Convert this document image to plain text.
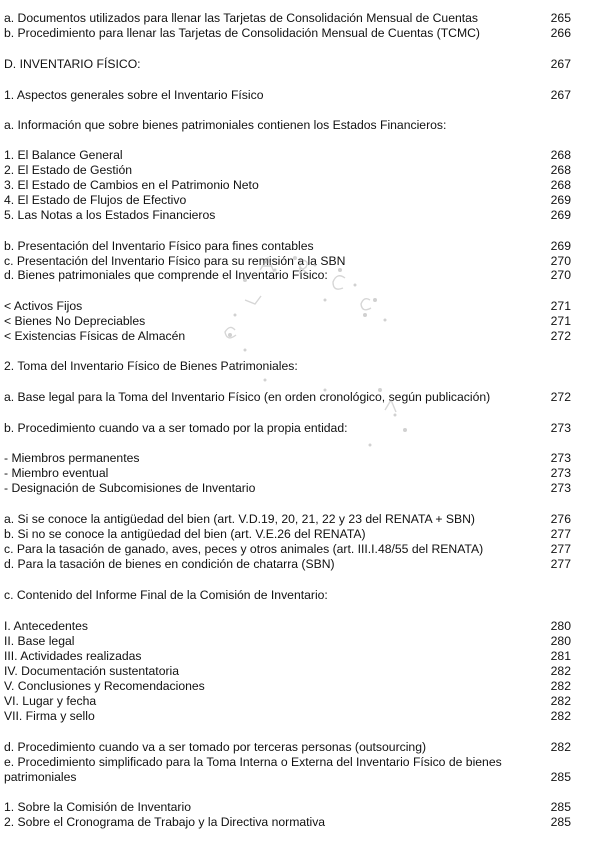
a. Documentos utilizados para llenar las Tarjetas de Consolidación Mensual de Cuentas	265
b. Procedimiento para llenar las Tarjetas de Consolidación Mensual de Cuentas (TCMC)	266
D. INVENTARIO FÍSICO:	267
1. Aspectos generales sobre el Inventario Físico	267
a. Información que sobre bienes patrimoniales contienen los Estados Financieros:
1. El Balance General	268
2. El Estado de Gestión	268
3. El Estado de Cambios en el Patrimonio Neto	268
4. El Estado de Flujos de Efectivo	269
5. Las Notas a los Estados Financieros	269
b. Presentación del Inventario Físico para fines contables	269
c. Presentación del Inventario Físico para su remisión a la SBN	270
d. Bienes patrimoniales que comprende el Inventario Físico:	270
< Activos Fijos	271
< Bienes No Depreciables	271
< Existencias Físicas de Almacén	272
2. Toma del Inventario Físico de Bienes Patrimoniales:
a. Base legal para la Toma del Inventario Físico (en orden cronológico, según publicación)	272
b. Procedimiento cuando va a ser tomado por la propia entidad:	273
- Miembros permanentes	273
- Miembro eventual	273
- Designación de Subcomisiones de Inventario	273
a. Si se conoce la antigüedad del bien (art. V.D.19, 20, 21, 22 y 23 del RENATA + SBN)	276
b. Si no se conoce la antigüedad del bien (art. V.E.26 del RENATA)	277
c. Para la tasación de ganado, aves, peces y otros animales (art. III.I.48/55 del RENATA)	277
d. Para la tasación de bienes en condición de chatarra (SBN)	277
c. Contenido del Informe Final de la Comisión de Inventario:
I. Antecedentes	280
II. Base legal	280
III. Actividades realizadas	281
IV. Documentación sustentatoria	282
V. Conclusiones y Recomendaciones	282
VI. Lugar y fecha	282
VII. Firma y sello	282
d. Procedimiento cuando va a ser tomado por terceras personas (outsourcing)	282
e. Procedimiento simplificado para la Toma Interna o Externa del Inventario Físico de bienes patrimoniales	285
1. Sobre la Comisión de Inventario	285
2. Sobre el Cronograma de Trabajo y la Directiva normativa	285
